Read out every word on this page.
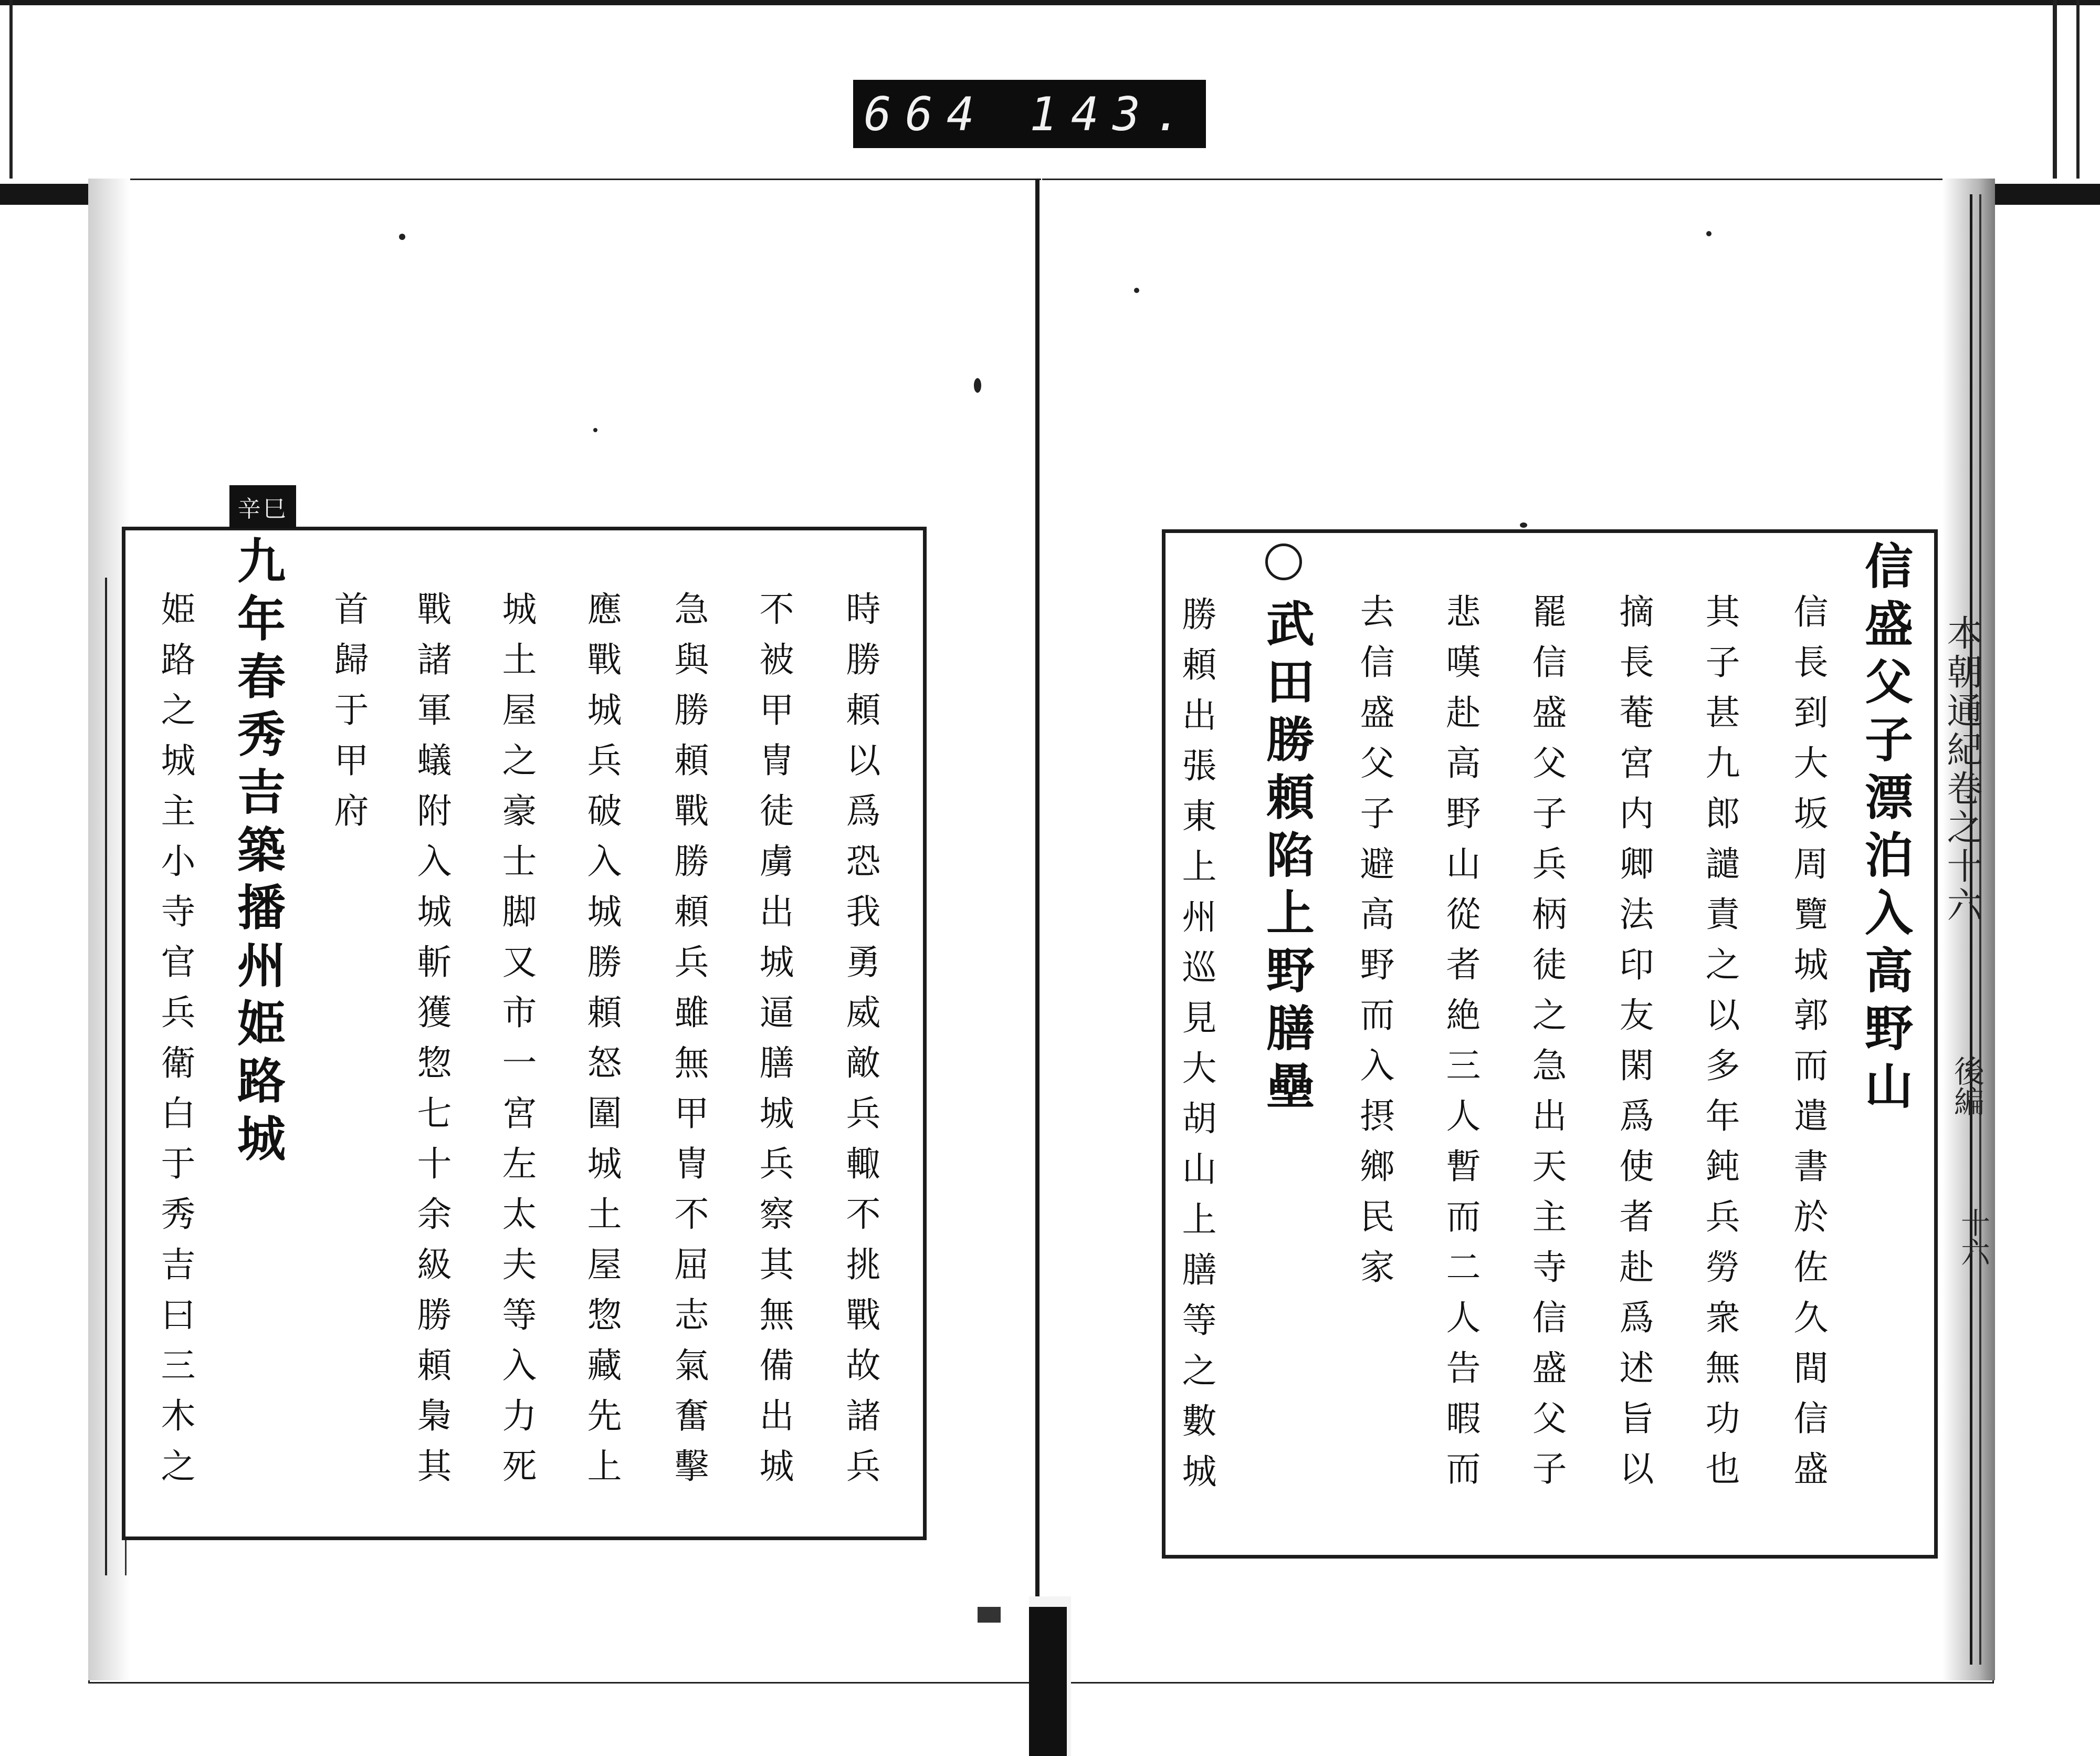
664 143.
本朝通紀卷之十六
後編
十六
辛巳
時勝頼以爲恐我勇威敵兵輙不挑戰故諸兵
不被甲冑徒虜出城逼膳城兵察其無備出城
急與勝頼戰勝頼兵雖無甲冑不屈志氣奮擊
應戰城兵破入城勝頼怒圍城土屋惣藏先上
城土屋之豪士脚又市一宮左太夫等入力死
戰諸軍蟻附入城斬獲惣七十余級勝頼梟其
首歸于甲府
九年春秀吉築播州姫路城
姫路之城主小寺官兵衛白于秀吉曰三木之	信盛父子漂泊入高野山
信長到大坂周覽城郭而遣書於佐久間信盛
其子甚九郎譴責之以多年鈍兵勞衆無功也
摘長菴宮内卿法印友閑爲使者赴爲述旨以
罷信盛父子兵柄徒之急出天主寺信盛父子
悲嘆赴高野山從者絶三人暫而二人告暇而
去信盛父子避高野而入摂鄉民家
武田勝頼陷上野膳壘
勝頼出張東上州巡見大胡山上膳等之數城
